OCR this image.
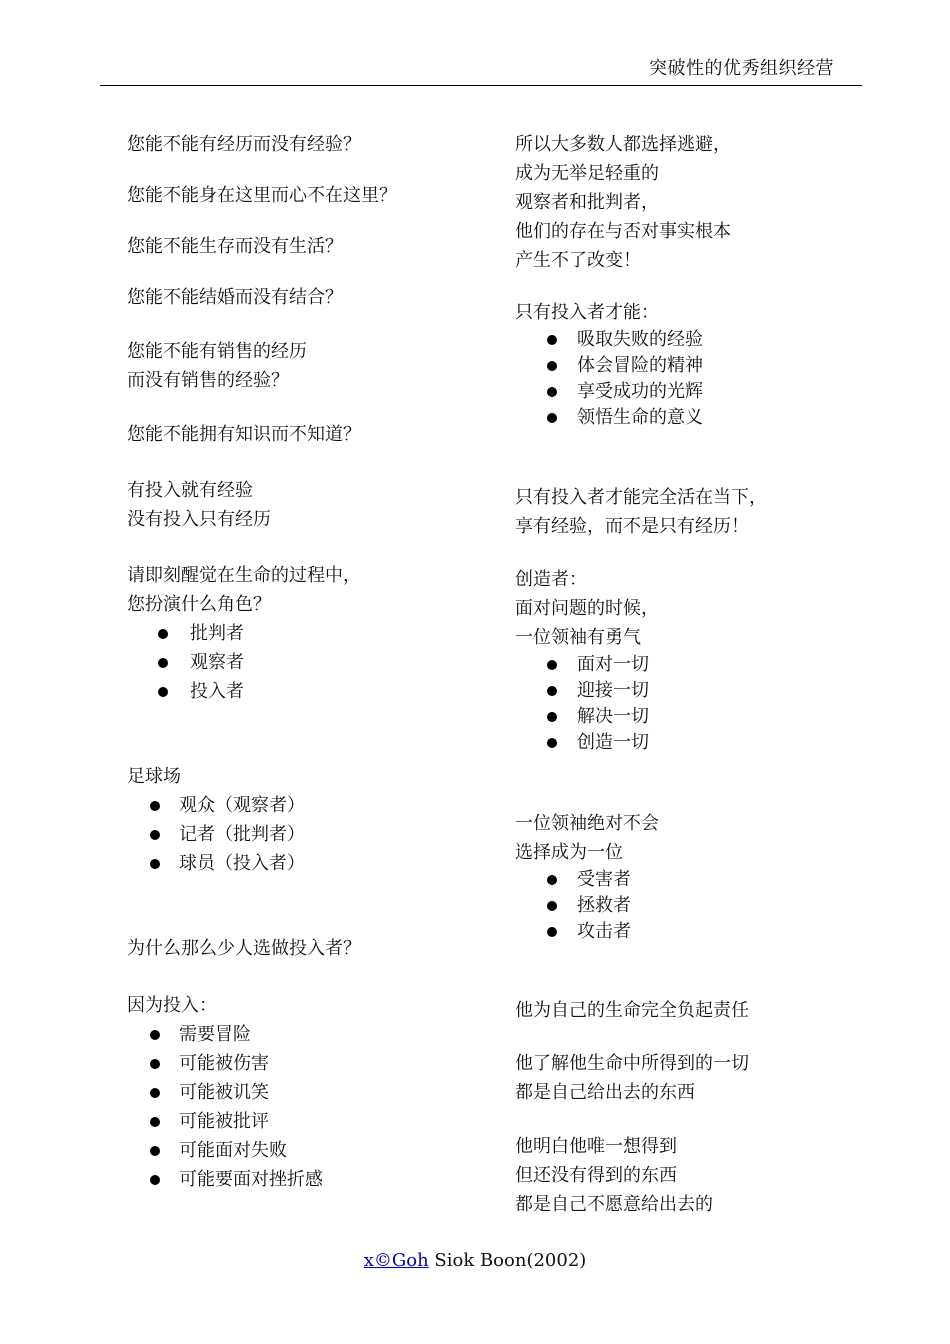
突破性的优秀组织经营
您能不能有经历而没有经验？
您能不能身在这里而心不在这里？
您能不能生存而没有生活？
您能不能结婚而没有结合？
您能不能有销售的经历
而没有销售的经验？
您能不能拥有知识而不知道？
有投入就有经验
没有投入只有经历
请即刻醒觉在生命的过程中，
您扮演什么角色？
批判者
观察者
投入者
足球场
观众（观察者）
记者（批判者）
球员（投入者）
为什么那么少人选做投入者？
因为投入：
需要冒险
可能被伤害
可能被讥笑
可能被批评
可能面对失败
可能要面对挫折感
所以大多数人都选择逃避，
成为无举足轻重的
观察者和批判者，
他们的存在与否对事实根本
产生不了改变！
只有投入者才能：
吸取失败的经验
体会冒险的精神
享受成功的光辉
领悟生命的意义
只有投入者才能完全活在当下，
享有经验，而不是只有经历！
创造者：
面对问题的时候，
一位领袖有勇气
面对一切
迎接一切
解决一切
创造一切
一位领袖绝对不会
选择成为一位
受害者
拯救者
攻击者
他为自己的生命完全负起责任
他了解他生命中所得到的一切
都是自己给出去的东西
他明白他唯一想得到
但还没有得到的东西
都是自己不愿意给出去的
x©Goh Siok Boon(2002)
